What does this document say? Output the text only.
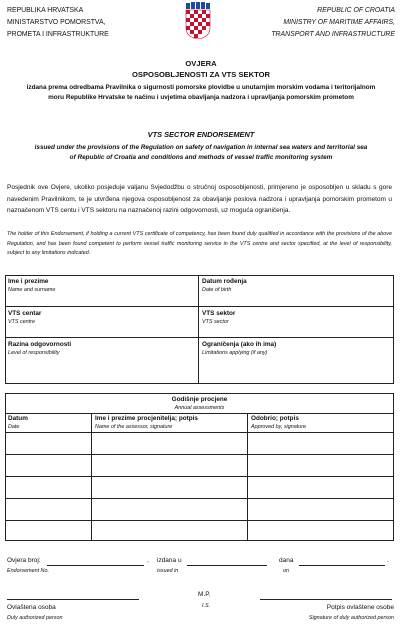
REPUBLIKA HRVATSKA
MINISTARSTVO POMORSTVA,
PROMETA I INFRASTRUKTURE
REPUBLIC OF CROATIA
MINISTRY OF MARITIME AFFAIRS,
TRANSPORT AND INFRASTRUCTURE
OVJERA
OSPOSOBLJENOSTI ZA VTS SEKTOR
izdana prema odredbama Pravilnika o sigurnosti pomorske plovidbe u unutarnjim morskim vodama i teritorijalnom moru Republike Hrvatske te načinu i uvjetima obavljanja nadzora i upravljanja pomorskim prometom
VTS SECTOR ENDORSEMENT
issued under the provisions of the Regulation on safety of navigation in internal sea waters and territorial sea of Republic of Croatia and conditions and methods of vessel traffic monitoring system
Posjednik ove Ovjere, ukoliko posjeduje valjanu Svjedodžbu o stručnoj osposobljenosti, primjereno je osposobljen u skladu s gore navedenim Pravilnikom, te je utvrđena njegova osposobljenost za obavljanje poslova nadzora i upravljanja pomorskim prometom u naznačenom VTS centu i VTS sektoru na naznačenoj razini odgovornosti, uz moguća ograničenja.
The holder of this Endorsement, if holding a current VTS certificate of competency, has been found duly qualified in accordance with the provisions of the above Regulation, and has been found competent to perform vessel traffic monitoring service in the VTS centre and sector specified, at the level of responsibility, subject to any limitations indicated.
Ime i prezime
Name and surname
Datum rođenja
Date of birth
VTS centar
VTS centre
VTS sektor
VTS sector
Razina odgovornosti
Level of responsibility
Ograničenja (ako ih ima)
Limitations applying (if any)
Godišnje procjene
Annual assessments
Datum
Date
Ime i prezime procjenitelja; potpis
Name of the assessor, signature
Odobrio; potpis
Approved by, signature
Ovjera broj:	,
Endorsement No.
izdana u
issued in
dana	.
on
M.P.
I.S.
Ovlaštena osoba
Duly authorized person
Potpis ovlaštene osobe
Signature of duly authorized person
